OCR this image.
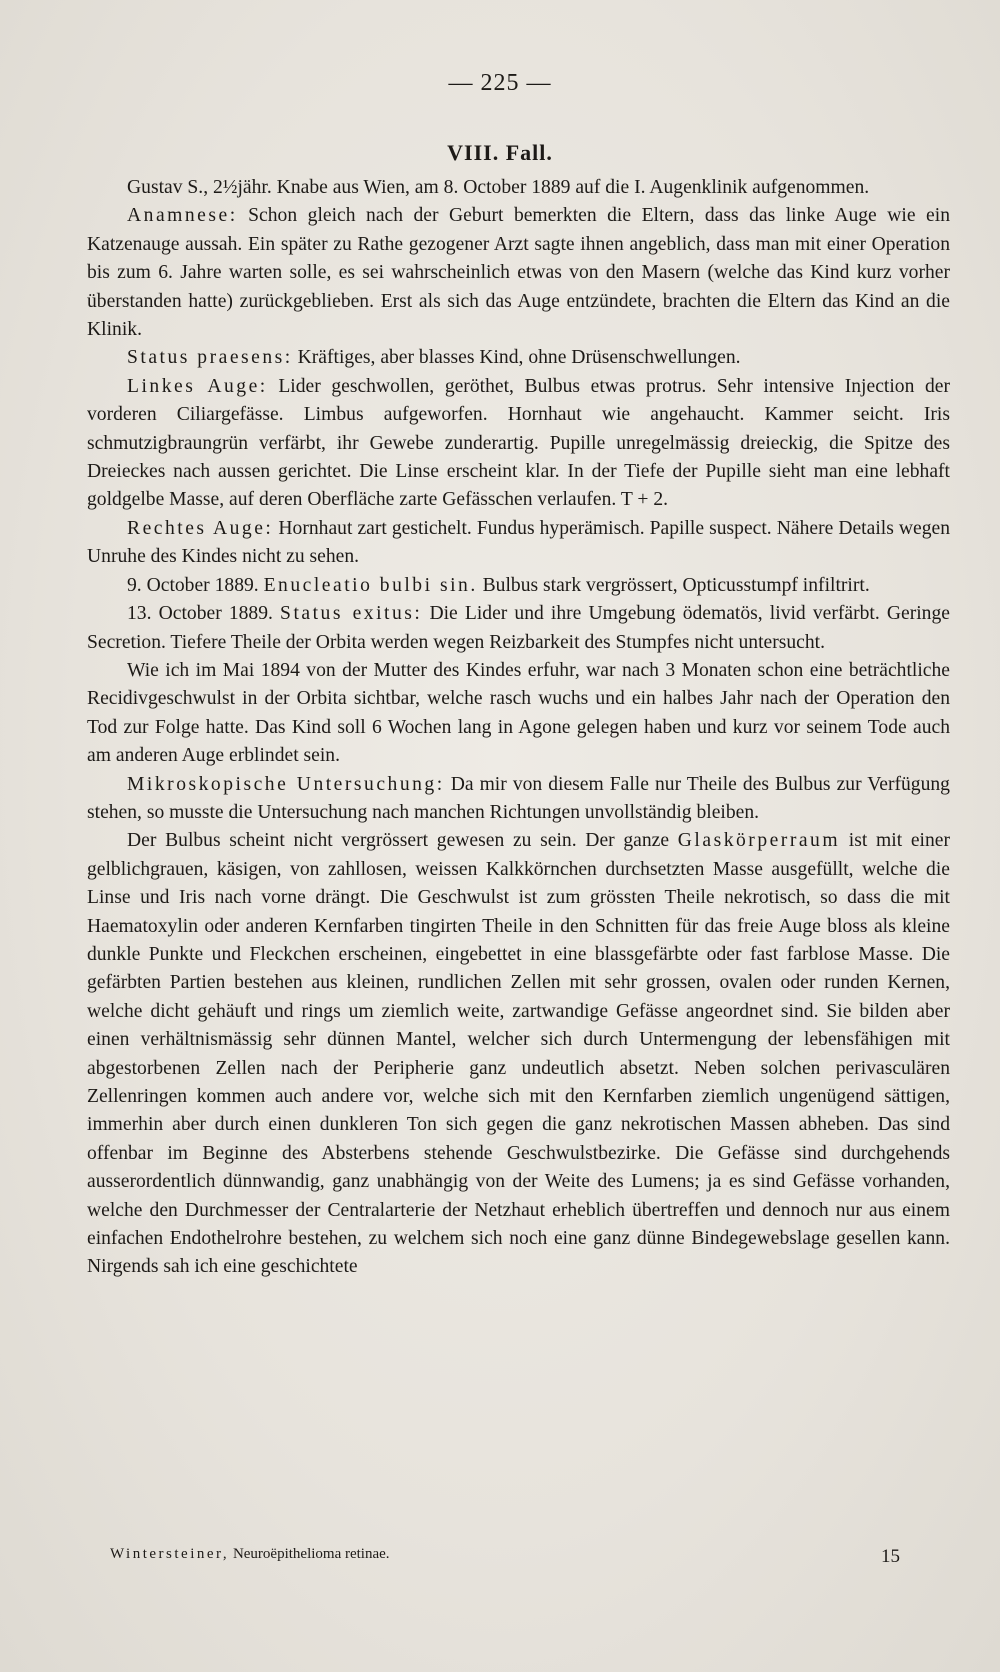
— 225 —
VIII. Fall.

Gustav S., 2½jähr. Knabe aus Wien, am 8. October 1889 auf die I. Augenklinik aufgenommen.

Anamnese: Schon gleich nach der Geburt bemerkten die Eltern, dass das linke Auge wie ein Katzenauge aussah. Ein später zu Rathe gezogener Arzt sagte ihnen angeblich, dass man mit einer Operation bis zum 6. Jahre warten solle, es sei wahrscheinlich etwas von den Masern (welche das Kind kurz vorher überstanden hatte) zurückgeblieben. Erst als sich das Auge entzündete, brachten die Eltern das Kind an die Klinik.

Status praesens: Kräftiges, aber blasses Kind, ohne Drüsenschwellungen.

Linkes Auge: Lider geschwollen, geröthet, Bulbus etwas protrus. Sehr intensive Injection der vorderen Ciliargefässe. Limbus aufgeworfen. Hornhaut wie angehaucht. Kammer seicht. Iris schmutzigbraungrün verfärbt, ihr Gewebe zunderartig. Pupille unregelmässig dreieckig, die Spitze des Dreieckes nach aussen gerichtet. Die Linse erscheint klar. In der Tiefe der Pupille sieht man eine lebhaft goldgelbe Masse, auf deren Oberfläche zarte Gefässchen verlaufen. T + 2.

Rechtes Auge: Hornhaut zart gestichelt. Fundus hyperämisch. Papille suspect. Nähere Details wegen Unruhe des Kindes nicht zu sehen.

9. October 1889. Enucleatio bulbi sin. Bulbus stark vergrössert, Opticusstumpf infiltrirt.

13. October 1889. Status exitus: Die Lider und ihre Umgebung ödematös, livid verfärbt. Geringe Secretion. Tiefere Theile der Orbita werden wegen Reizbarkeit des Stumpfes nicht untersucht.

Wie ich im Mai 1894 von der Mutter des Kindes erfuhr, war nach 3 Monaten schon eine beträchtliche Recidivgeschwulst in der Orbita sichtbar, welche rasch wuchs und ein halbes Jahr nach der Operation den Tod zur Folge hatte. Das Kind soll 6 Wochen lang in Agone gelegen haben und kurz vor seinem Tode auch am anderen Auge erblindet sein.

Mikroskopische Untersuchung: Da mir von diesem Falle nur Theile des Bulbus zur Verfügung stehen, so musste die Untersuchung nach manchen Richtungen unvollständig bleiben.

Der Bulbus scheint nicht vergrössert gewesen zu sein. Der ganze Glaskörperraum ist mit einer gelblichgrauen, käsigen, von zahllosen, weissen Kalkkörnchen durchsetzten Masse ausgefüllt, welche die Linse und Iris nach vorne drängt. Die Geschwulst ist zum grössten Theile nekrotisch, so dass die mit Haematoxylin oder anderen Kernfarben tingirten Theile in den Schnitten für das freie Auge bloss als kleine dunkle Punkte und Fleckchen erscheinen, eingebettet in eine blassgefärbte oder fast farblose Masse. Die gefärbten Partien bestehen aus kleinen, rundlichen Zellen mit sehr grossen, ovalen oder runden Kernen, welche dicht gehäuft und rings um ziemlich weite, zartwandige Gefässe angeordnet sind. Sie bilden aber einen verhältnismässig sehr dünnen Mantel, welcher sich durch Untermengung der lebensfähigen mit abgestorbenen Zellen nach der Peripherie ganz undeutlich absetzt. Neben solchen perivasculären Zellenringen kommen auch andere vor, welche sich mit den Kernfarben ziemlich ungenügend sättigen, immerhin aber durch einen dunkleren Ton sich gegen die ganz nekrotischen Massen abheben. Das sind offenbar im Beginne des Absterbens stehende Geschwulstbezirke. Die Gefässe sind durchgehends ausserordentlich dünnwandig, ganz unabhängig von der Weite des Lumens; ja es sind Gefässe vorhanden, welche den Durchmesser der Centralarterie der Netzhaut erheblich übertreffen und dennoch nur aus einem einfachen Endothelrohre bestehen, zu welchem sich noch eine ganz dünne Bindegewebslage gesellen kann. Nirgends sah ich eine geschichtete

Wintersteiner, Neuroëpithelioma retinae.	15
